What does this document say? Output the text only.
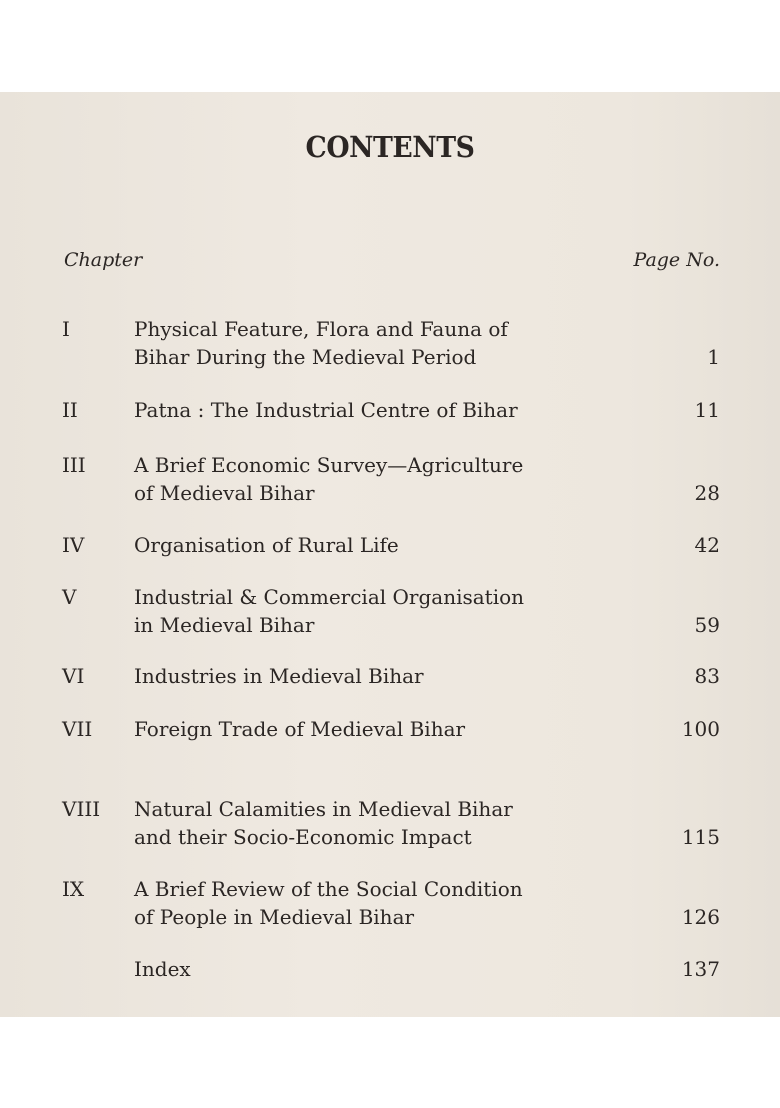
CONTENTS
Chapter	Page No.
I	Physical Feature, Flora and Fauna of
Bihar During the Medieval Period	1
II	Patna : The Industrial Centre of Bihar	11
III A Brief Economic Survey—Agriculture
of Medieval Bihar	28
IV Organisation of Rural Life	42
V	Industrial & Commercial Organisation
in Medieval Bihar	59
VI Industries in Medieval Bihar	83
VII Foreign Trade of Medieval Bihar	100
VIII Natural Calamities in Medieval Bihar
and their Socio-Economic Impact	115
IX A Brief Review of the Social Condition
of People in Medieval Bihar	126
Index	137
